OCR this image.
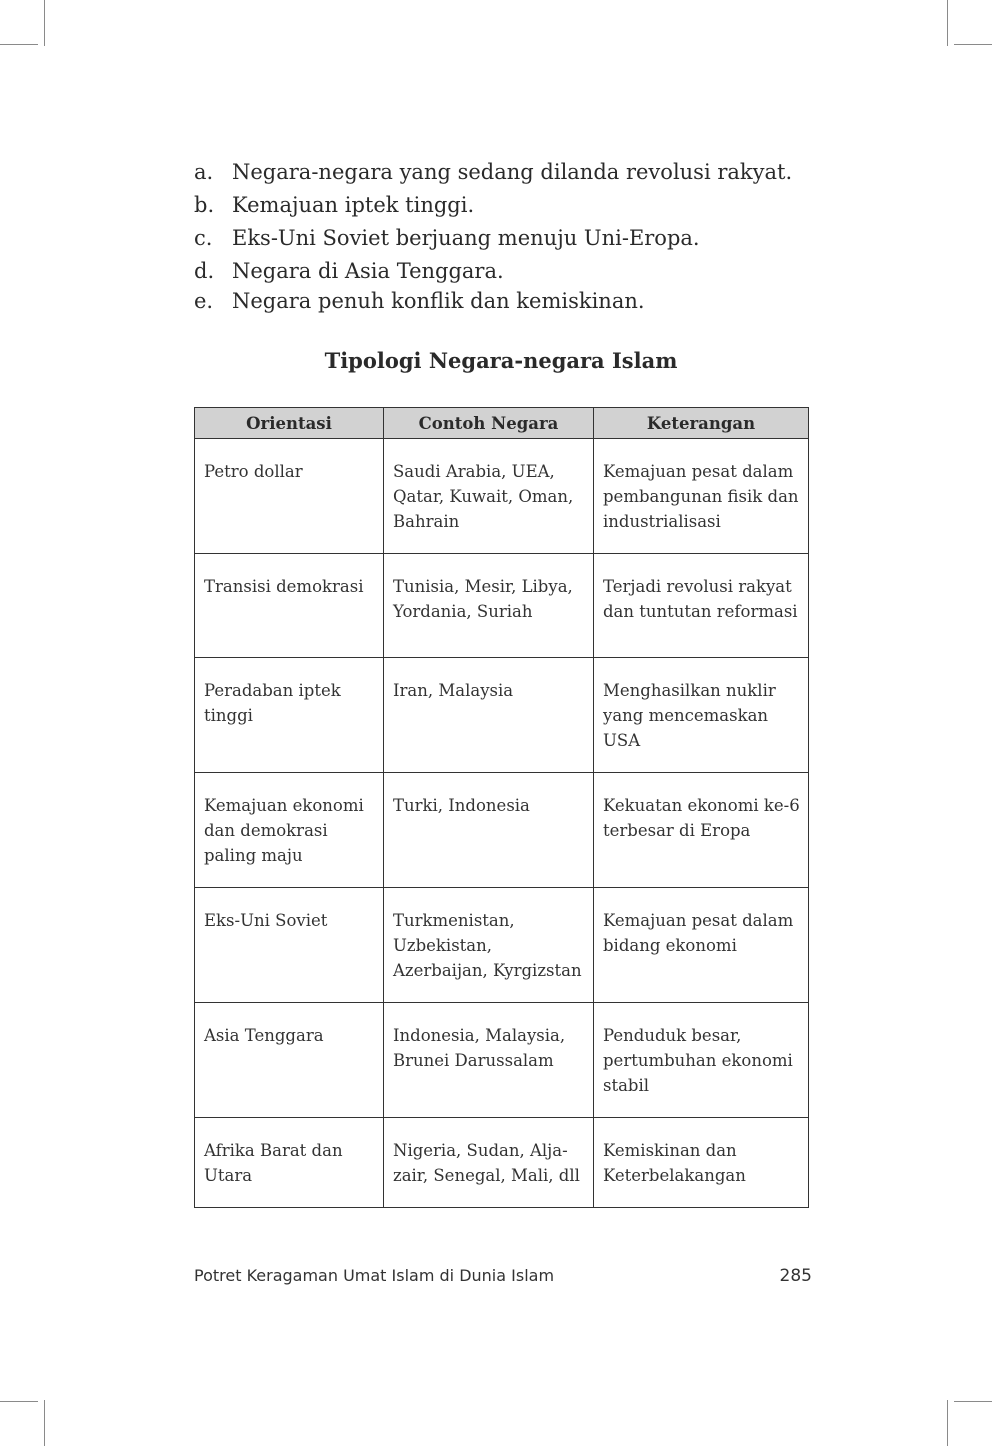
a. Negara-negara yang sedang dilanda revolusi rakyat.
b. Kemajuan iptek tinggi.
c. Eks-Uni Soviet berjuang menuju Uni-Eropa.
d. Negara di Asia Tenggara.
e. Negara penuh konflik dan kemiskinan.
Tipologi Negara-negara Islam
Orientasi	Contoh Negara	Keterangan
Petro dollar	Saudi Arabia, UEA, Qatar, Kuwait, Oman, Bahrain	Kemajuan pesat dalam pembangunan fisik dan industrialisasi
Transisi demokrasi	Tunisia, Mesir, Libya, Yordania, Suriah	Terjadi revolusi rakyat dan tuntutan reformasi
Peradaban iptek tinggi	Iran, Malaysia	Menghasilkan nuklir yang mencemaskan USA
Kemajuan ekonomi dan demokrasi paling maju	Turki, Indonesia	Kekuatan ekonomi ke-6 terbesar di Eropa
Eks-Uni Soviet	Turkmenistan, Uzbekistan, Azerbaijan, Kyrgizstan	Kemajuan pesat dalam bidang ekonomi
Asia Tenggara	Indonesia, Malaysia, Brunei Darussalam	Penduduk besar, pertumbuhan ekonomi stabil
Afrika Barat dan Utara	Nigeria, Sudan, Alja-zair, Senegal, Mali, dll	Kemiskinan dan Keterbelakangan
Potret Keragaman Umat Islam di Dunia Islam	285
